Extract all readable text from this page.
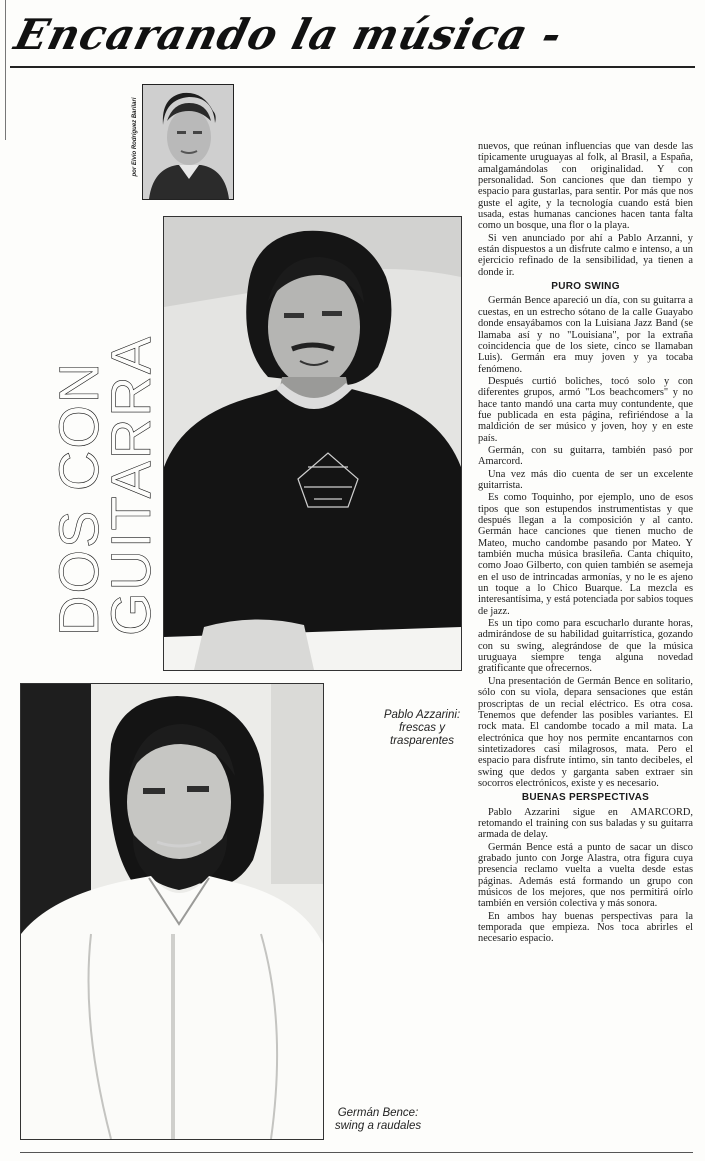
Encarando la música -
por Elvio Rodríguez Barilari
DOS CON
GUITARRA
Pablo Azzarini: frescas y trasparentes
Germán Bence: swing a raudales

nuevos, que reúnan influencias que van desde las típicamente uruguayas al folk, al Brasil, a España, amalgamándolas con originalidad. Y con personalidad. Son canciones que dan tiempo y espacio para gustarlas, para sentir. Por más que nos guste el agite, y la tecnología cuando está bien usada, estas humanas canciones hacen tanta falta como un bosque, una flor o la playa.

Si ven anunciado por ahí a Pablo Arzanni, y están dispuestos a un disfrute calmo e intenso, a un ejercicio refinado de la sensibilidad, ya tienen a donde ir.

PURO SWING

Germán Bence apareció un día, con su guitarra a cuestas, en un estrecho sótano de la calle Guayabo donde ensayábamos con la Luisiana Jazz Band (se llamaba así y no "Louisiana", por la extraña coincidencia que de los siete, cinco se llamaban Luis). Germán era muy joven y ya tocaba fenómeno.

Después curtió boliches, tocó solo y con diferentes grupos, armó "Los beachcomers" y no hace tanto mandó una carta muy contundente, que fue publicada en esta página, refiriéndose a la maldición de ser músico y joven, hoy y en este país.

Germán, con su guitarra, también pasó por Amarcord.

Una vez más dio cuenta de ser un excelente guitarrista.

Es como Toquinho, por ejemplo, uno de esos tipos que son estupendos instrumentistas y que después llegan a la composición y al canto. Germán hace canciones que tienen mucho de Mateo, mucho candombe pasando por Mateo. Y también mucha música brasileña. Canta chiquito, como Joao Gilberto, con quien también se asemeja en el uso de intrincadas armonías, y no le es ajeno un toque a lo Chico Buarque. La mezcla es interesantísima, y está potenciada por sabios toques de jazz.

Es un tipo como para escucharlo durante horas, admirándose de su habilidad guitarrística, gozando con su swing, alegrándose de que la música uruguaya siempre tenga alguna novedad gratificante que ofrecernos.

Una presentación de Germán Bence en solitario, sólo con su viola, depara sensaciones que están proscriptas de un recial eléctrico. Es otra cosa. Tenemos que defender las posibles variantes. El rock mata. El candombe tocado a mil mata. La electrónica que hoy nos permite encantarnos con sintetizadores casi milagrosos, mata. Pero el espacio para disfrute íntimo, sin tanto decibeles, el swing que dedos y garganta saben extraer sin socorros electrónicos, existe y es necesario.

BUENAS PERSPECTIVAS

Pablo Azzarini sigue en AMARCORD, retomando el training con sus baladas y su guitarra armada de delay.

Germán Bence está a punto de sacar un disco grabado junto con Jorge Alastra, otra figura cuya presencia reclamo vuelta a vuelta desde estas páginas. Además está formando un grupo con músicos de los mejores, que nos permitirá oírlo también en versión colectiva y más sonora.

En ambos hay buenas perspectivas para la temporada que empieza. Nos toca abrirles el necesario espacio.
